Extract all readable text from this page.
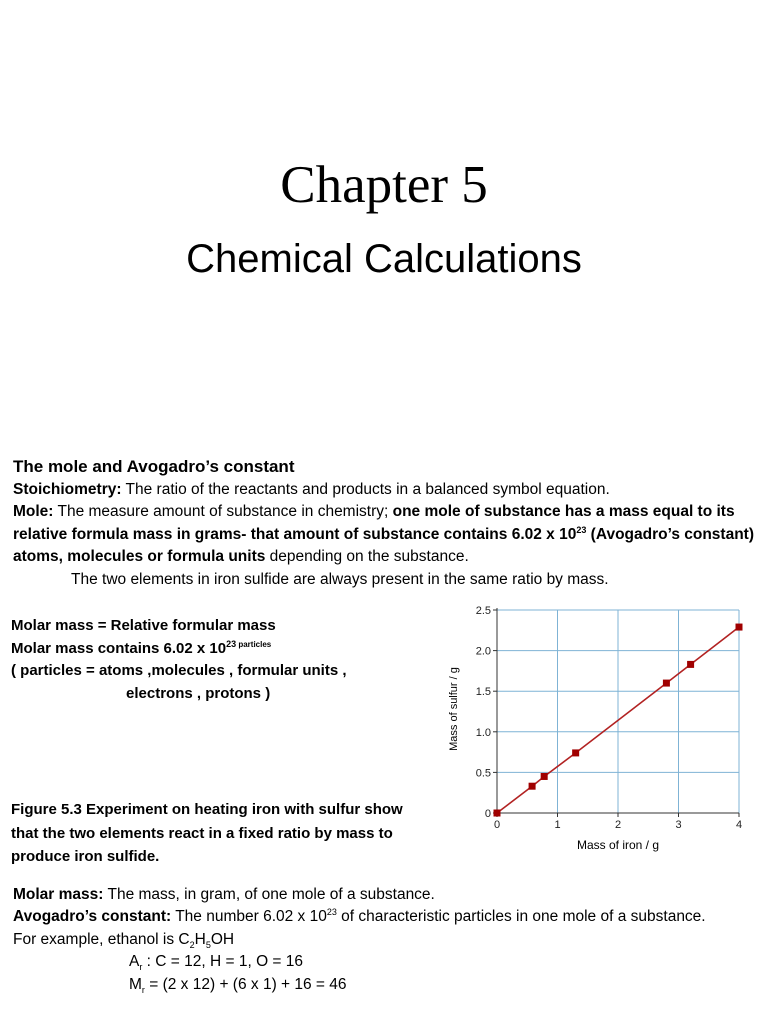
Chapter 5
Chemical Calculations
The mole and Avogadro’s constant
Stoichiometry: The ratio of the reactants and products in a balanced symbol equation.
Mole: The measure amount of substance in chemistry; one mole of substance has a mass equal to its relative formula mass in grams- that amount of substance contains 6.02 x $10^{23}$ (Avogadro’s constant) atoms, molecules or formula units depending on the substance.
The two elements in iron sulfide are always present in the same ratio by mass.
Molar mass = Relative formular mass
Molar mass contains 6.02 x $10^{23}$ $^{particles}$
( particles = atoms ,molecules , formular units ,
electrons , protons )
Figure 5.3 Experiment on heating iron with sulfur show that the two elements react in a fixed ratio by mass to produce iron sulfide.
0	1	2	3	4
0
0.5
1.0
1.5
2.0
2.5
Mass of iron / g
Mass of sulfur / g
Molar mass: The mass, in gram, of one mole of a substance.
Avogadro’s constant: The number 6.02 x $10^{23}$ of characteristic particles in one mole of a substance.
For example, ethanol is $C_2H_5OH$
$A_r$ : C = 12, H = 1, O = 16
$M_r = (2$ x 12) + (6 x 1) + 16 = 46
